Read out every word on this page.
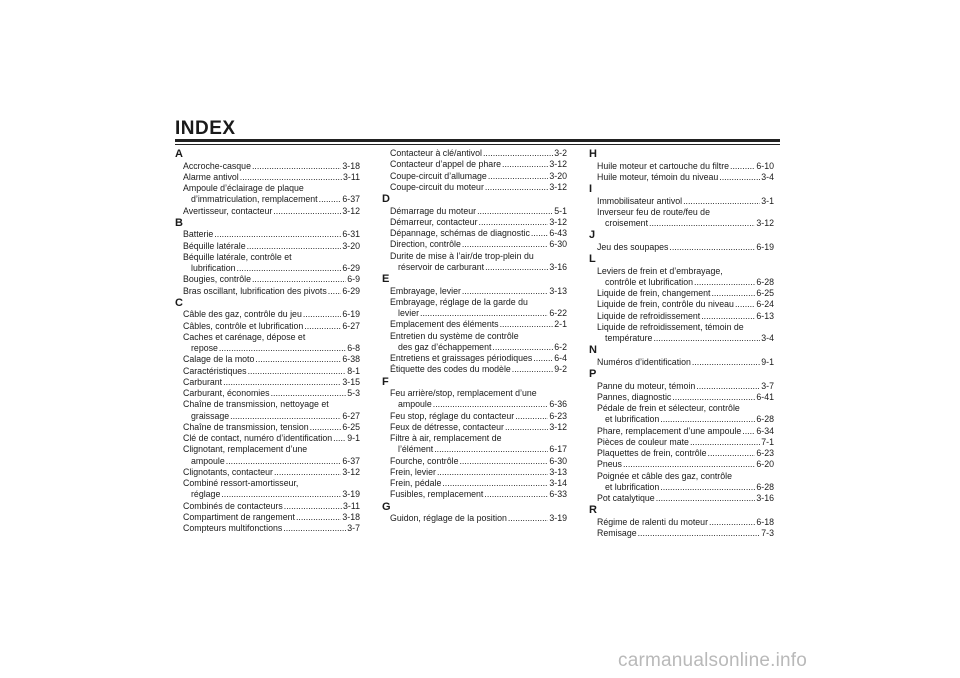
INDEX
A
Accroche-casque .....	3-18
Alarme antivol .....	3-11
Ampoule d’éclairage de plaque
d’immatriculation, remplacement .....	6-37
Avertisseur, contacteur .....	3-12
B
Batterie .....	6-31
Béquille latérale .....	3-20
Béquille latérale, contrôle et
lubrification .....	6-29
Bougies, contrôle .....	6-9
Bras oscillant, lubrification des pivots ..... 6-29
C
Câble des gaz, contrôle du jeu .....	6-19
Câbles, contrôle et lubrification .....	6-27
Caches et carénage, dépose et
repose .....	6-8
Calage de la moto .....	6-38
Caractéristiques .....	8-1
Carburant .....	3-15
Carburant, économies .....	5-3
Chaîne de transmission, nettoyage et
graissage .....	6-27
Chaîne de transmission, tension .....	6-25
Clé de contact, numéro d’identification ..... 9-1
Clignotant, remplacement d’une
ampoule .....	6-37
Clignotants, contacteur .....	3-12
Combiné ressort-amortisseur,
réglage .....	3-19
Combinés de contacteurs .....	3-11
Compartiment de rangement .....	3-18
Compteurs multifonctions .....	3-7
Contacteur à clé/antivol .....	3-2
Contacteur d’appel de phare .....	3-12
Coupe-circuit d’allumage .....	3-20
Coupe-circuit du moteur .....	3-12
D
Démarrage du moteur .....	5-1
Démarreur, contacteur .....	3-12
Dépannage, schémas de diagnostic ..... 6-43
Direction, contrôle .....	6-30
Durite de mise à l’air/de trop-plein du
réservoir de carburant .....	3-16
E
Embrayage, levier .....	3-13
Embrayage, réglage de la garde du
levier .....	6-22
Emplacement des éléments .....	2-1
Entretien du système de contrôle
des gaz d’échappement .....	6-2
Entretiens et graissages périodiques ..... 6-4
Étiquette des codes du modèle .....	9-2
F
Feu arrière/stop, remplacement d’une
ampoule .....	6-36
Feu stop, réglage du contacteur .....	6-23
Feux de détresse, contacteur .....	3-12
Filtre à air, remplacement de
l’élément .....	6-17
Fourche, contrôle .....	6-30
Frein, levier .....	3-13
Frein, pédale .....	3-14
Fusibles, remplacement .....	6-33
G
Guidon, réglage de la position .....	3-19
H
Huile moteur et cartouche du filtre .....	6-10
Huile moteur, témoin du niveau .....	3-4
I
Immobilisateur antivol .....	3-1
Inverseur feu de route/feu de
croisement .....	3-12
J
Jeu des soupapes .....	6-19
L
Leviers de frein et d’embrayage,
contrôle et lubrification .....	6-28
Liquide de frein, changement .....	6-25
Liquide de frein, contrôle du niveau .....	6-24
Liquide de refroidissement .....	6-13
Liquide de refroidissement, témoin de
température .....	3-4
N
Numéros d’identification .....	9-1
P
Panne du moteur, témoin .....	3-7
Pannes, diagnostic .....	6-41
Pédale de frein et sélecteur, contrôle
et lubrification .....	6-28
Phare, remplacement d’une ampoule ..... 6-34
Pièces de couleur mate .....	7-1
Plaquettes de frein, contrôle .....	6-23
Pneus .....	6-20
Poignée et câble des gaz, contrôle
et lubrification .....	6-28
Pot catalytique .....	3-16
R
Régime de ralenti du moteur .....	6-18
Remisage .....	7-3
carmanualsonline.info
